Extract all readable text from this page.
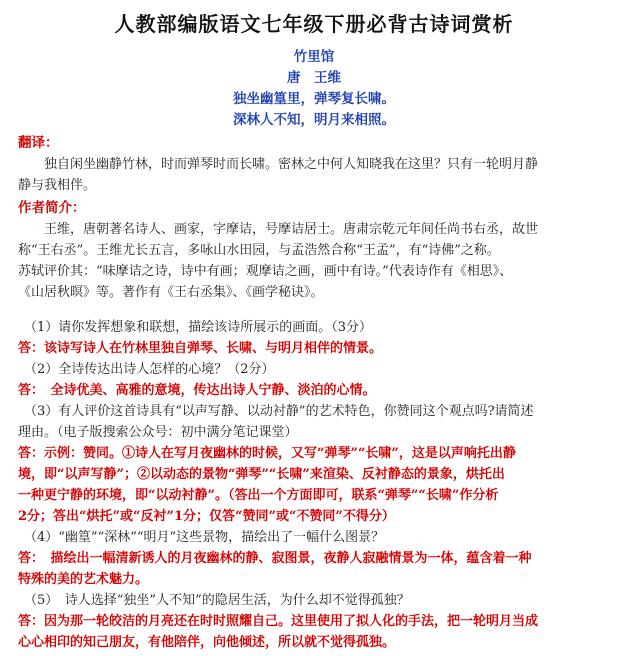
人教部编版语文七年级下册必背古诗词赏析
竹里馆
唐　王维
独坐幽篁里，弹琴复长啸。
深林人不知，明月来相照。
翻译：

独自闲坐幽静竹林，时而弹琴时而长啸。密林之中何人知晓我在这里？只有一轮明月静

静与我相伴。

作者简介：

王维，唐朝著名诗人、画家，字摩诘，号摩诘居士。唐肃宗乾元年间任尚书右丞，故世

称“王右丞”。王维尤长五言，多咏山水田园，与孟浩然合称“王孟”，有“诗佛”之称。

苏轼评价其：“味摩诘之诗，诗中有画；观摩诘之画，画中有诗。”代表诗作有《相思》、

《山居秋暝》等。著作有《王右丞集》、《画学秘诀》。

（1）请你发挥想象和联想，描绘该诗所展示的画面。（3分）

答：该诗写诗人在竹林里独自弹琴、长啸、与明月相伴的情景。

（2）全诗传达出诗人怎样的心境？（2分）

答：　全诗优美、高雅的意境，传达出诗人宁静、淡泊的心情。

（3）有人评价这首诗具有“以声写静、以动衬静”的艺术特色，你赞同这个观点吗?请简述

理由。（电子版搜索公众号：初中满分笔记课堂）

答：示例：赞同。①诗人在写月夜幽林的时候，又写“弹琴”“长啸”，这是以声响托出静

境，即“以声写静”；②以动态的景物“弹琴”“长啸”来渲染、反衬静态的景象，烘托出

一种更宁静的环境，即“以动衬静”。（答出一个方面即可，联系“弹琴”“长啸”作分析

2分；答出“烘托”或“反衬”1分；仅答“赞同”或“不赞同”不得分）

（4）“幽篁”“深林”“明月”这些景物，描绘出了一幅什么图景？

答：　描绘出一幅清新诱人的月夜幽林的静、寂图景，夜静人寂融情景为一体，蕴含着一种

特殊的美的艺术魅力。

（5）　诗人选择“独坐”人不知”的隐居生活，为什么却不觉得孤独？

答：因为那一轮皎洁的月亮还在时时照耀自己。这里使用了拟人化的手法，把一轮明月当成

心心相印的知己朋友，有他陪伴，向他倾述，所以就不觉得孤独。
